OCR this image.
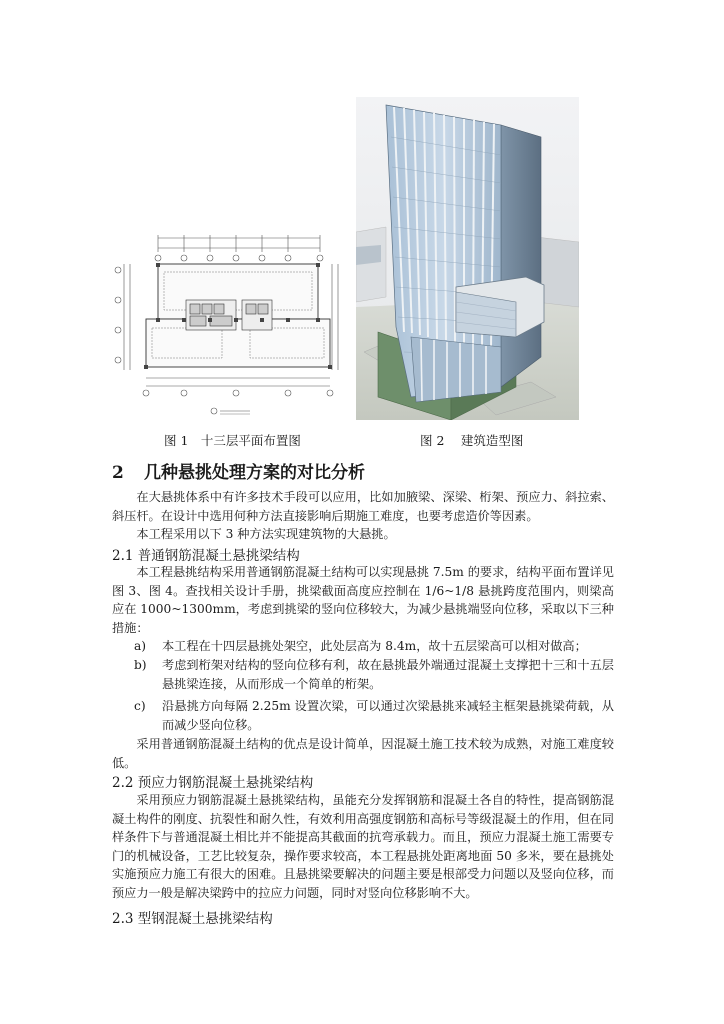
图 1　十三层平面布置图	图 2　 建筑造型图
2 几种悬挑处理方案的对比分析

在大悬挑体系中有许多技术手段可以应用，比如加腋梁、深梁、桁架、预应力、斜拉索、斜压杆。在设计中选用何种方法直接影响后期施工难度，也要考虑造价等因素。

本工程采用以下 3 种方法实现建筑物的大悬挑。

2.1 普通钢筋混凝土悬挑梁结构

本工程悬挑结构采用普通钢筋混凝土结构可以实现悬挑 7.5m 的要求，结构平面布置详见图 3、图 4。查找相关设计手册，挑梁截面高度应控制在 1/6~1/8 悬挑跨度范围内，则梁高应在 1000~1300mm，考虑到挑梁的竖向位移较大，为减少悬挑端竖向位移，采取以下三种措施：

a) 本工程在十四层悬挑处架空，此处层高为 8.4m，故十五层梁高可以相对做高；
b) 考虑到桁架对结构的竖向位移有利，故在悬挑最外端通过混凝土支撑把十三和十五层悬挑梁连接，从而形成一个简单的桁架。
c) 沿悬挑方向每隔 2.25m 设置次梁，可以通过次梁悬挑来减轻主框架悬挑梁荷载，从而减少竖向位移。

采用普通钢筋混凝土结构的优点是设计简单，因混凝土施工技术较为成熟，对施工难度较低。

2.2 预应力钢筋混凝土悬挑梁结构

采用预应力钢筋混凝土悬挑梁结构，虽能充分发挥钢筋和混凝土各自的特性，提高钢筋混凝土构件的刚度、抗裂性和耐久性，有效利用高强度钢筋和高标号等级混凝土的作用，但在同样条件下与普通混凝土相比并不能提高其截面的抗弯承载力。而且，预应力混凝土施工需要专门的机械设备，工艺比较复杂，操作要求较高，本工程悬挑处距离地面 50 多米，要在悬挑处实施预应力施工有很大的困难。且悬挑梁要解决的问题主要是根部受力问题以及竖向位移，而预应力一般是解决梁跨中的拉应力问题，同时对竖向位移影响不大。

2.3 型钢混凝土悬挑梁结构
